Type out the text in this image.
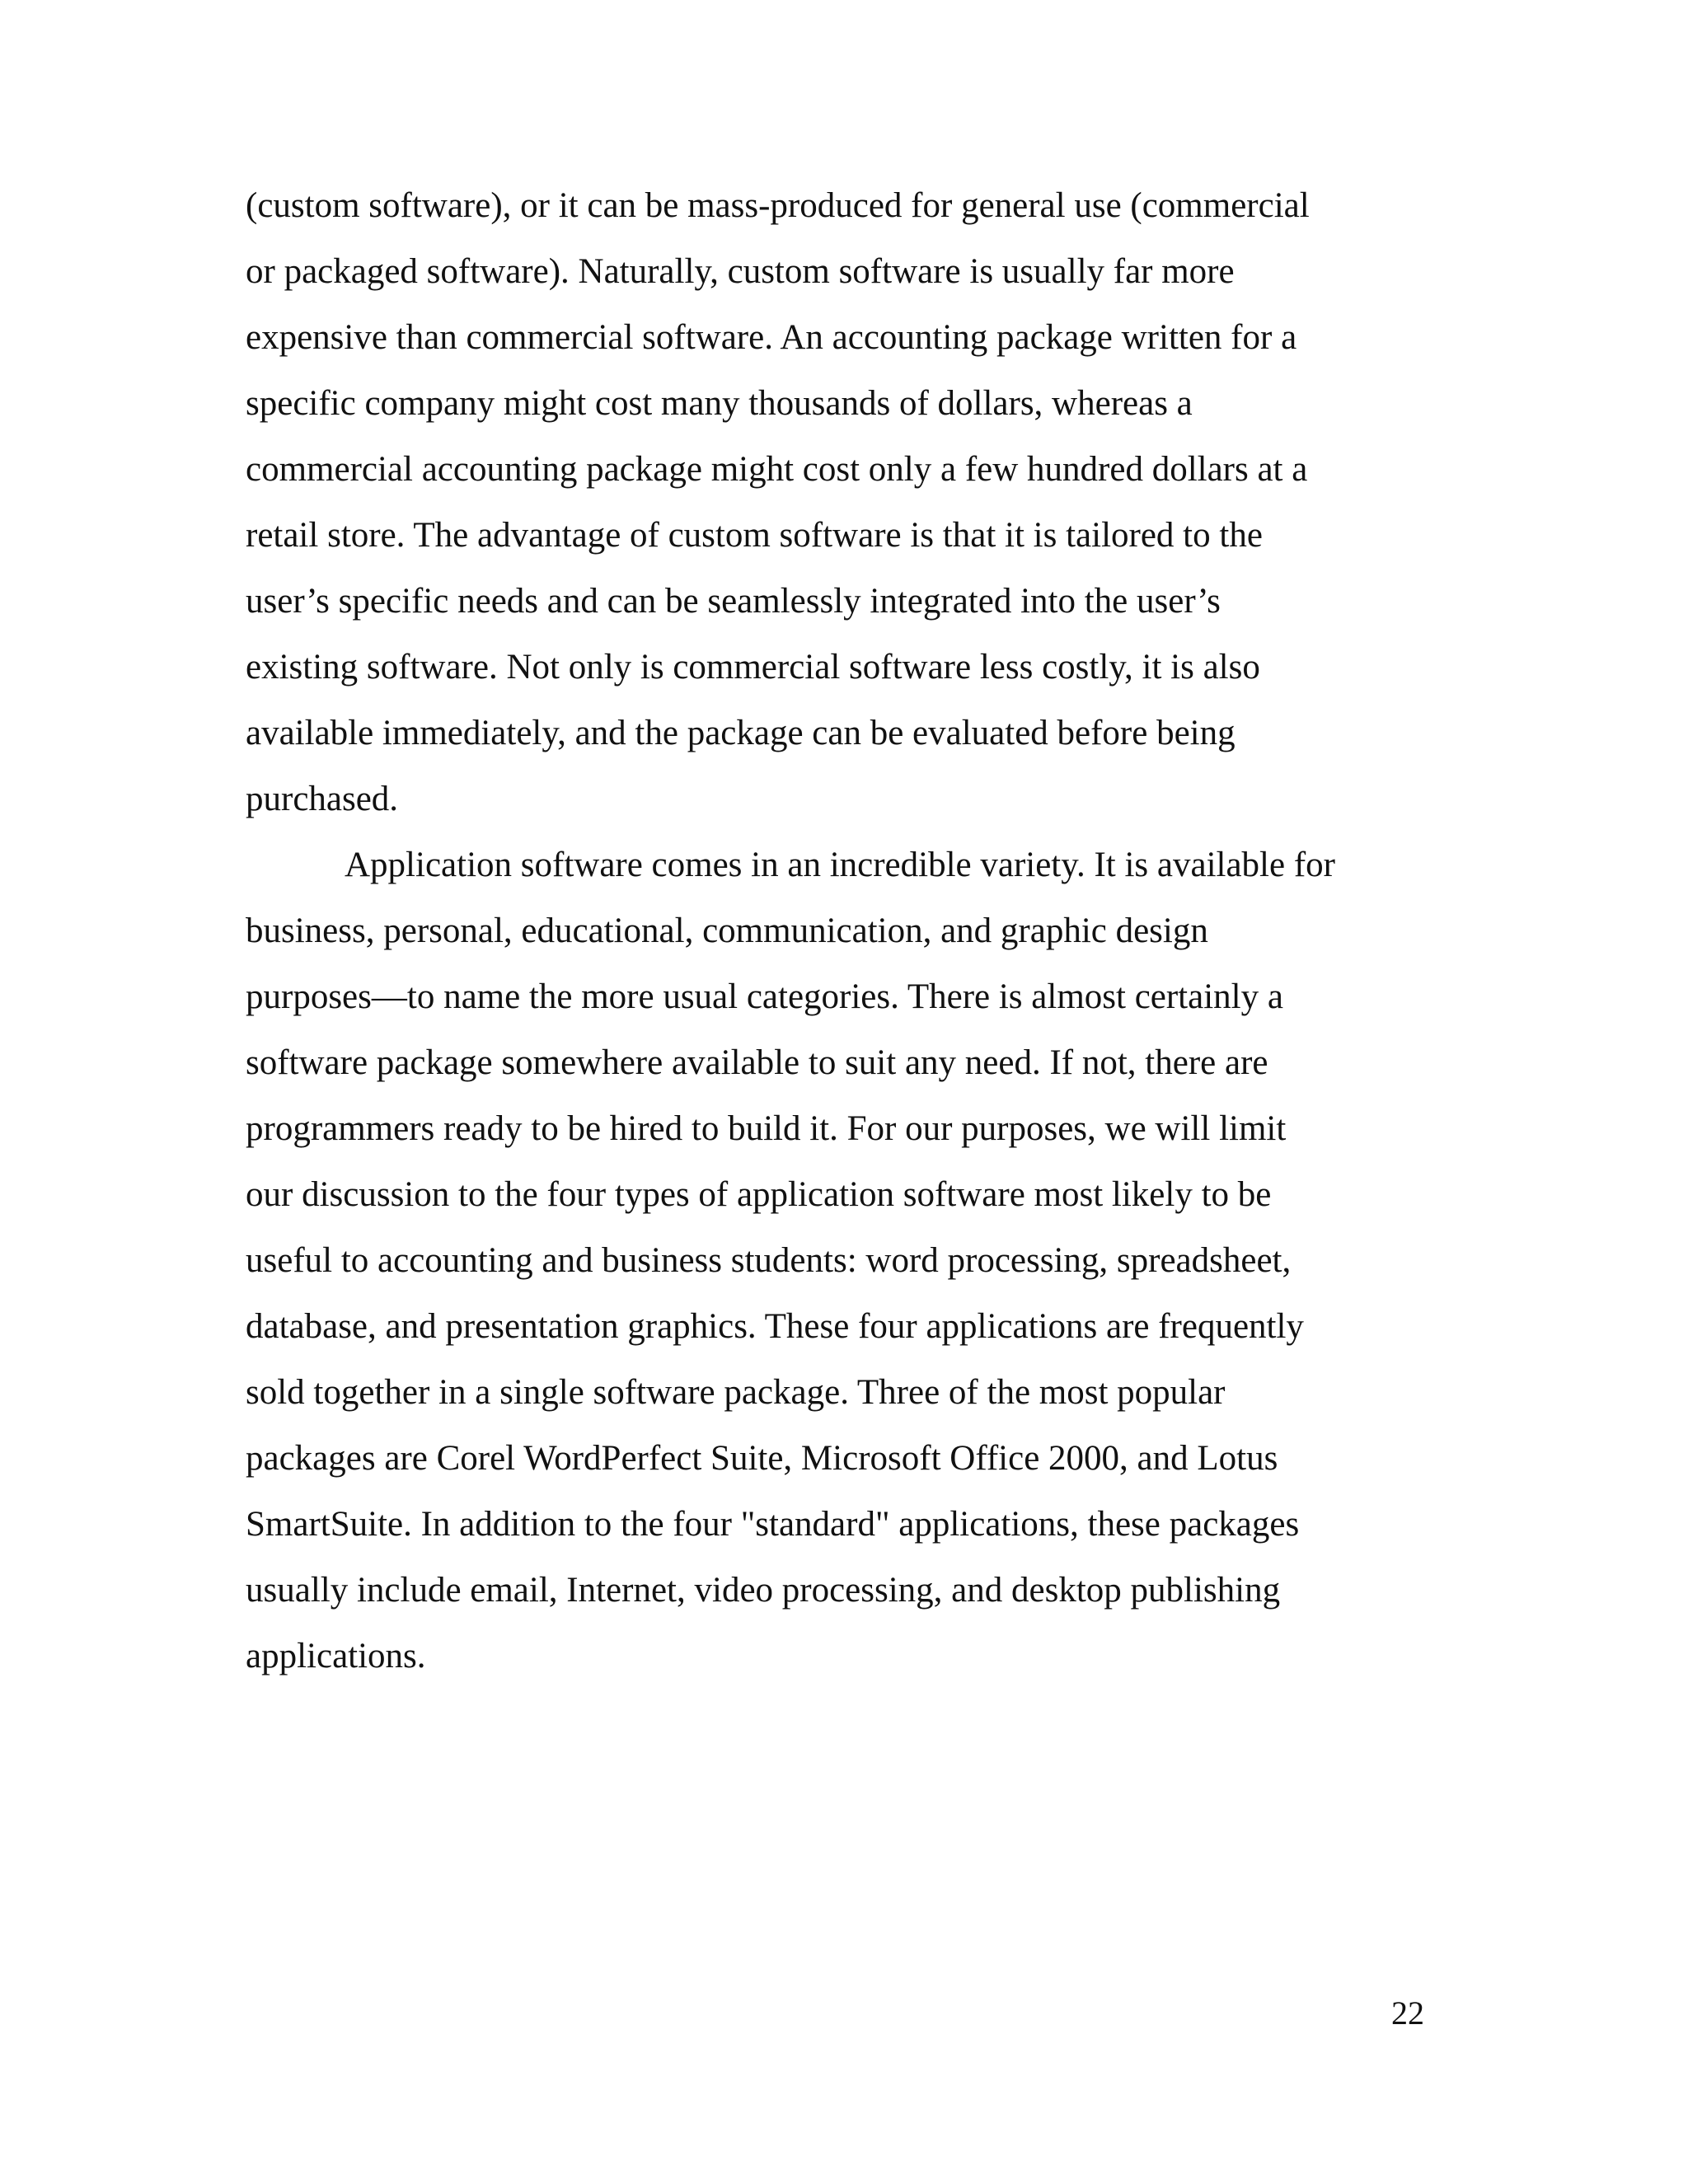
(custom software), or it can be mass-produced for general use (commercial
or packaged software). Naturally, custom software is usually far more
expensive than commercial software. An accounting package written for a
specific company might cost many thousands of dollars, whereas a
commercial accounting package might cost only a few hundred dollars at a
retail store. The advantage of custom software is that it is tailored to the
user’s specific needs and can be seamlessly integrated into the user’s
existing software. Not only is commercial software less costly, it is also
available immediately, and the package can be evaluated before being
purchased.
Application software comes in an incredible variety. It is available for
business, personal, educational, communication, and graphic design
purposes—to name the more usual categories. There is almost certainly a
software package somewhere available to suit any need. If not, there are
programmers ready to be hired to build it. For our purposes, we will limit
our discussion to the four types of application software most likely to be
useful to accounting and business students: word processing, spreadsheet,
database, and presentation graphics. These four applications are frequently
sold together in a single software package. Three of the most popular
packages are Corel WordPerfect Suite, Microsoft Office 2000, and Lotus
SmartSuite. In addition to the four "standard" applications, these packages
usually include email, Internet, video processing, and desktop publishing
applications.
22
